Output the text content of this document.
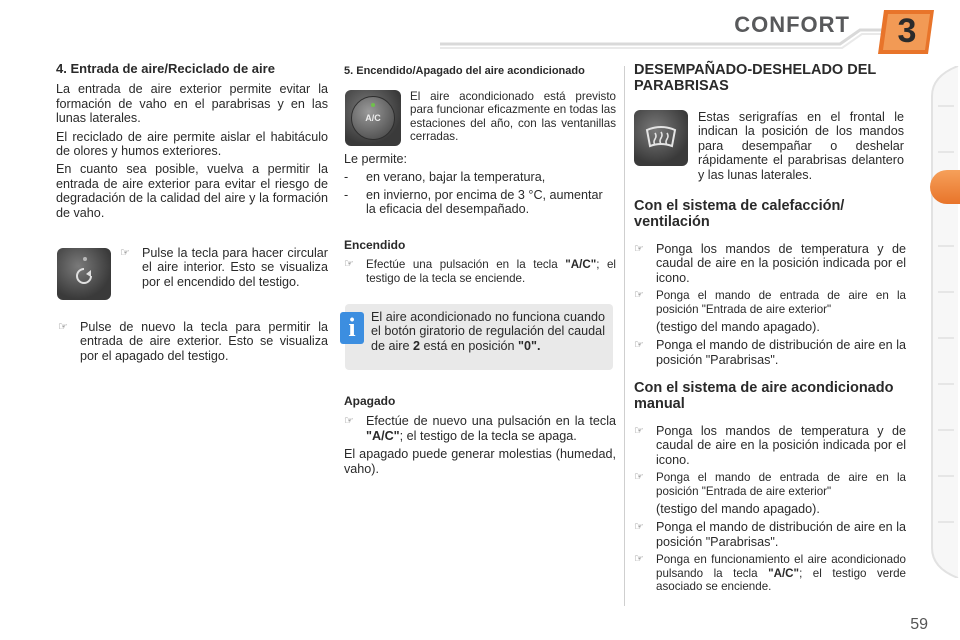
CONFORT	3
4. Entrada de aire/Reciclado de aire

La entrada de aire exterior permite evitar la formación de vaho en el parabrisas y en las lunas laterales.

El reciclado de aire permite aislar el habitáculo de olores y humos exteriores.

En cuanto sea posible, vuelva a permitir la entrada de aire exterior para evitar el riesgo de degradación de la calidad del aire y la formación de vaho.

☞ Pulse la tecla para hacer circular el aire interior. Esto se visualiza por el encendido del testigo.
☞ Pulse de nuevo la tecla para permitir la entrada de aire exterior. Esto se visualiza por el apagado del testigo.
5. Encendido/Apagado del aire acondicionado
A/C

El aire acondicionado está previsto para funcionar eficazmente en todas las estaciones del año, con las ventanillas cerradas.

Le permite:

-	en verano, bajar la temperatura,
-	en invierno, por encima de 3 °C, aumentar la eficacia del desempañado.
Encendido
☞	Efectúe una pulsación en la tecla "A/C"; el testigo de la tecla se enciende.
El aire acondicionado no funciona cuando el botón giratorio de regulación del caudal de aire 2 está en posición "0".
i
Apagado
☞ Efectúe de nuevo una pulsación en la tecla "A/C"; el testigo de la tecla se apaga.

El apagado puede generar molestias (humedad, vaho).

DESEMPAÑADO-DESHELADO DEL PARABRISAS

Estas serigrafías en el frontal le indican la posición de los mandos para desempañar o deshelar rápidamente el parabrisas delantero y las lunas laterales.

Con el sistema de calefacción/ ventilación
☞ Ponga los mandos de temperatura y de caudal de aire en la posición indicada por el icono.
☞	Ponga el mando de entrada de aire en la posición "Entrada de aire exterior"

(testigo del mando apagado).

☞ Ponga el mando de distribución de aire en la posición "Parabrisas".
Con el sistema de aire acondicionado manual
☞ Ponga los mandos de temperatura y de caudal de aire en la posición indicada por el icono.
☞	Ponga el mando de entrada de aire en la posición "Entrada de aire exterior"

(testigo del mando apagado).

☞ Ponga el mando de distribución de aire en la posición "Parabrisas".
☞	Ponga en funcionamiento el aire acondicionado pulsando la tecla "A/C"; el testigo verde asociado se enciende.
59
